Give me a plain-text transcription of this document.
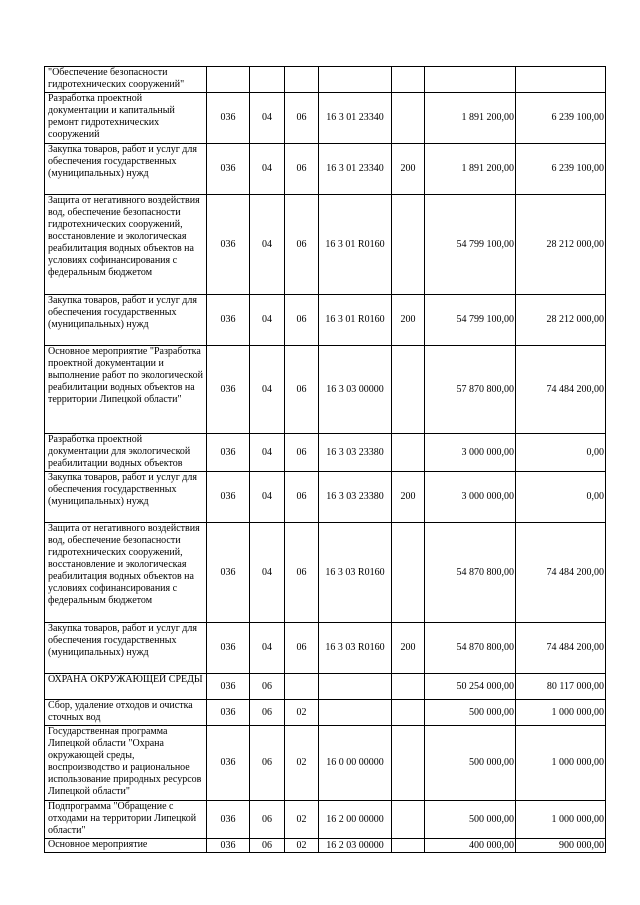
"Обеспечение безопасности гидротехнических сооружений"							
Разработка проектной документации и капитальный ремонт гидротехнических сооружений	036	04	06	16 3 01 23340		1 891 200,00	6 239 100,00
Закупка товаров, работ и услуг для обеспечения государственных (муниципальных) нужд	036	04	06	16 3 01 23340	200	1 891 200,00	6 239 100,00
Защита от негативного воздействия вод, обеспечение безопасности гидротехнических сооружений, восстановление и экологическая реабилитация водных объектов на условиях софинансирования с федеральным бюджетом	036	04	06	16 3 01 R0160		54 799 100,00	28 212 000,00
Закупка товаров, работ и услуг для обеспечения государственных (муниципальных) нужд	036	04	06	16 3 01 R0160	200	54 799 100,00	28 212 000,00
Основное мероприятие "Разработка проектной документации и выполнение работ по экологической реабилитации водных объектов на территории Липецкой области"	036	04	06	16 3 03 00000		57 870 800,00	74 484 200,00
Разработка проектной документации для экологической реабилитации водных объектов	036	04	06	16 3 03 23380		3 000 000,00	0,00
Закупка товаров, работ и услуг для обеспечения государственных (муниципальных) нужд	036	04	06	16 3 03 23380	200	3 000 000,00	0,00
Защита от негативного воздействия вод, обеспечение безопасности гидротехнических сооружений, восстановление и экологическая реабилитация водных объектов на условиях софинансирования с федеральным бюджетом	036	04	06	16 3 03 R0160		54 870 800,00	74 484 200,00
Закупка товаров, работ и услуг для обеспечения государственных (муниципальных) нужд	036	04	06	16 3 03 R0160	200	54 870 800,00	74 484 200,00
ОХРАНА ОКРУЖАЮЩЕЙ СРЕДЫ	036	06				50 254 000,00	80 117 000,00
Сбор, удаление отходов и очистка сточных вод	036	06	02			500 000,00	1 000 000,00
Государственная программа Липецкой области "Охрана окружающей среды, воспроизводство и рациональное использование природных ресурсов Липецкой области"	036	06	02	16 0 00 00000		500 000,00	1 000 000,00
Подпрограмма "Обращение с отходами на территории Липецкой области"	036	06	02	16 2 00 00000		500 000,00	1 000 000,00
Основное мероприятие	036	06	02	16 2 03 00000		400 000,00	900 000,00
